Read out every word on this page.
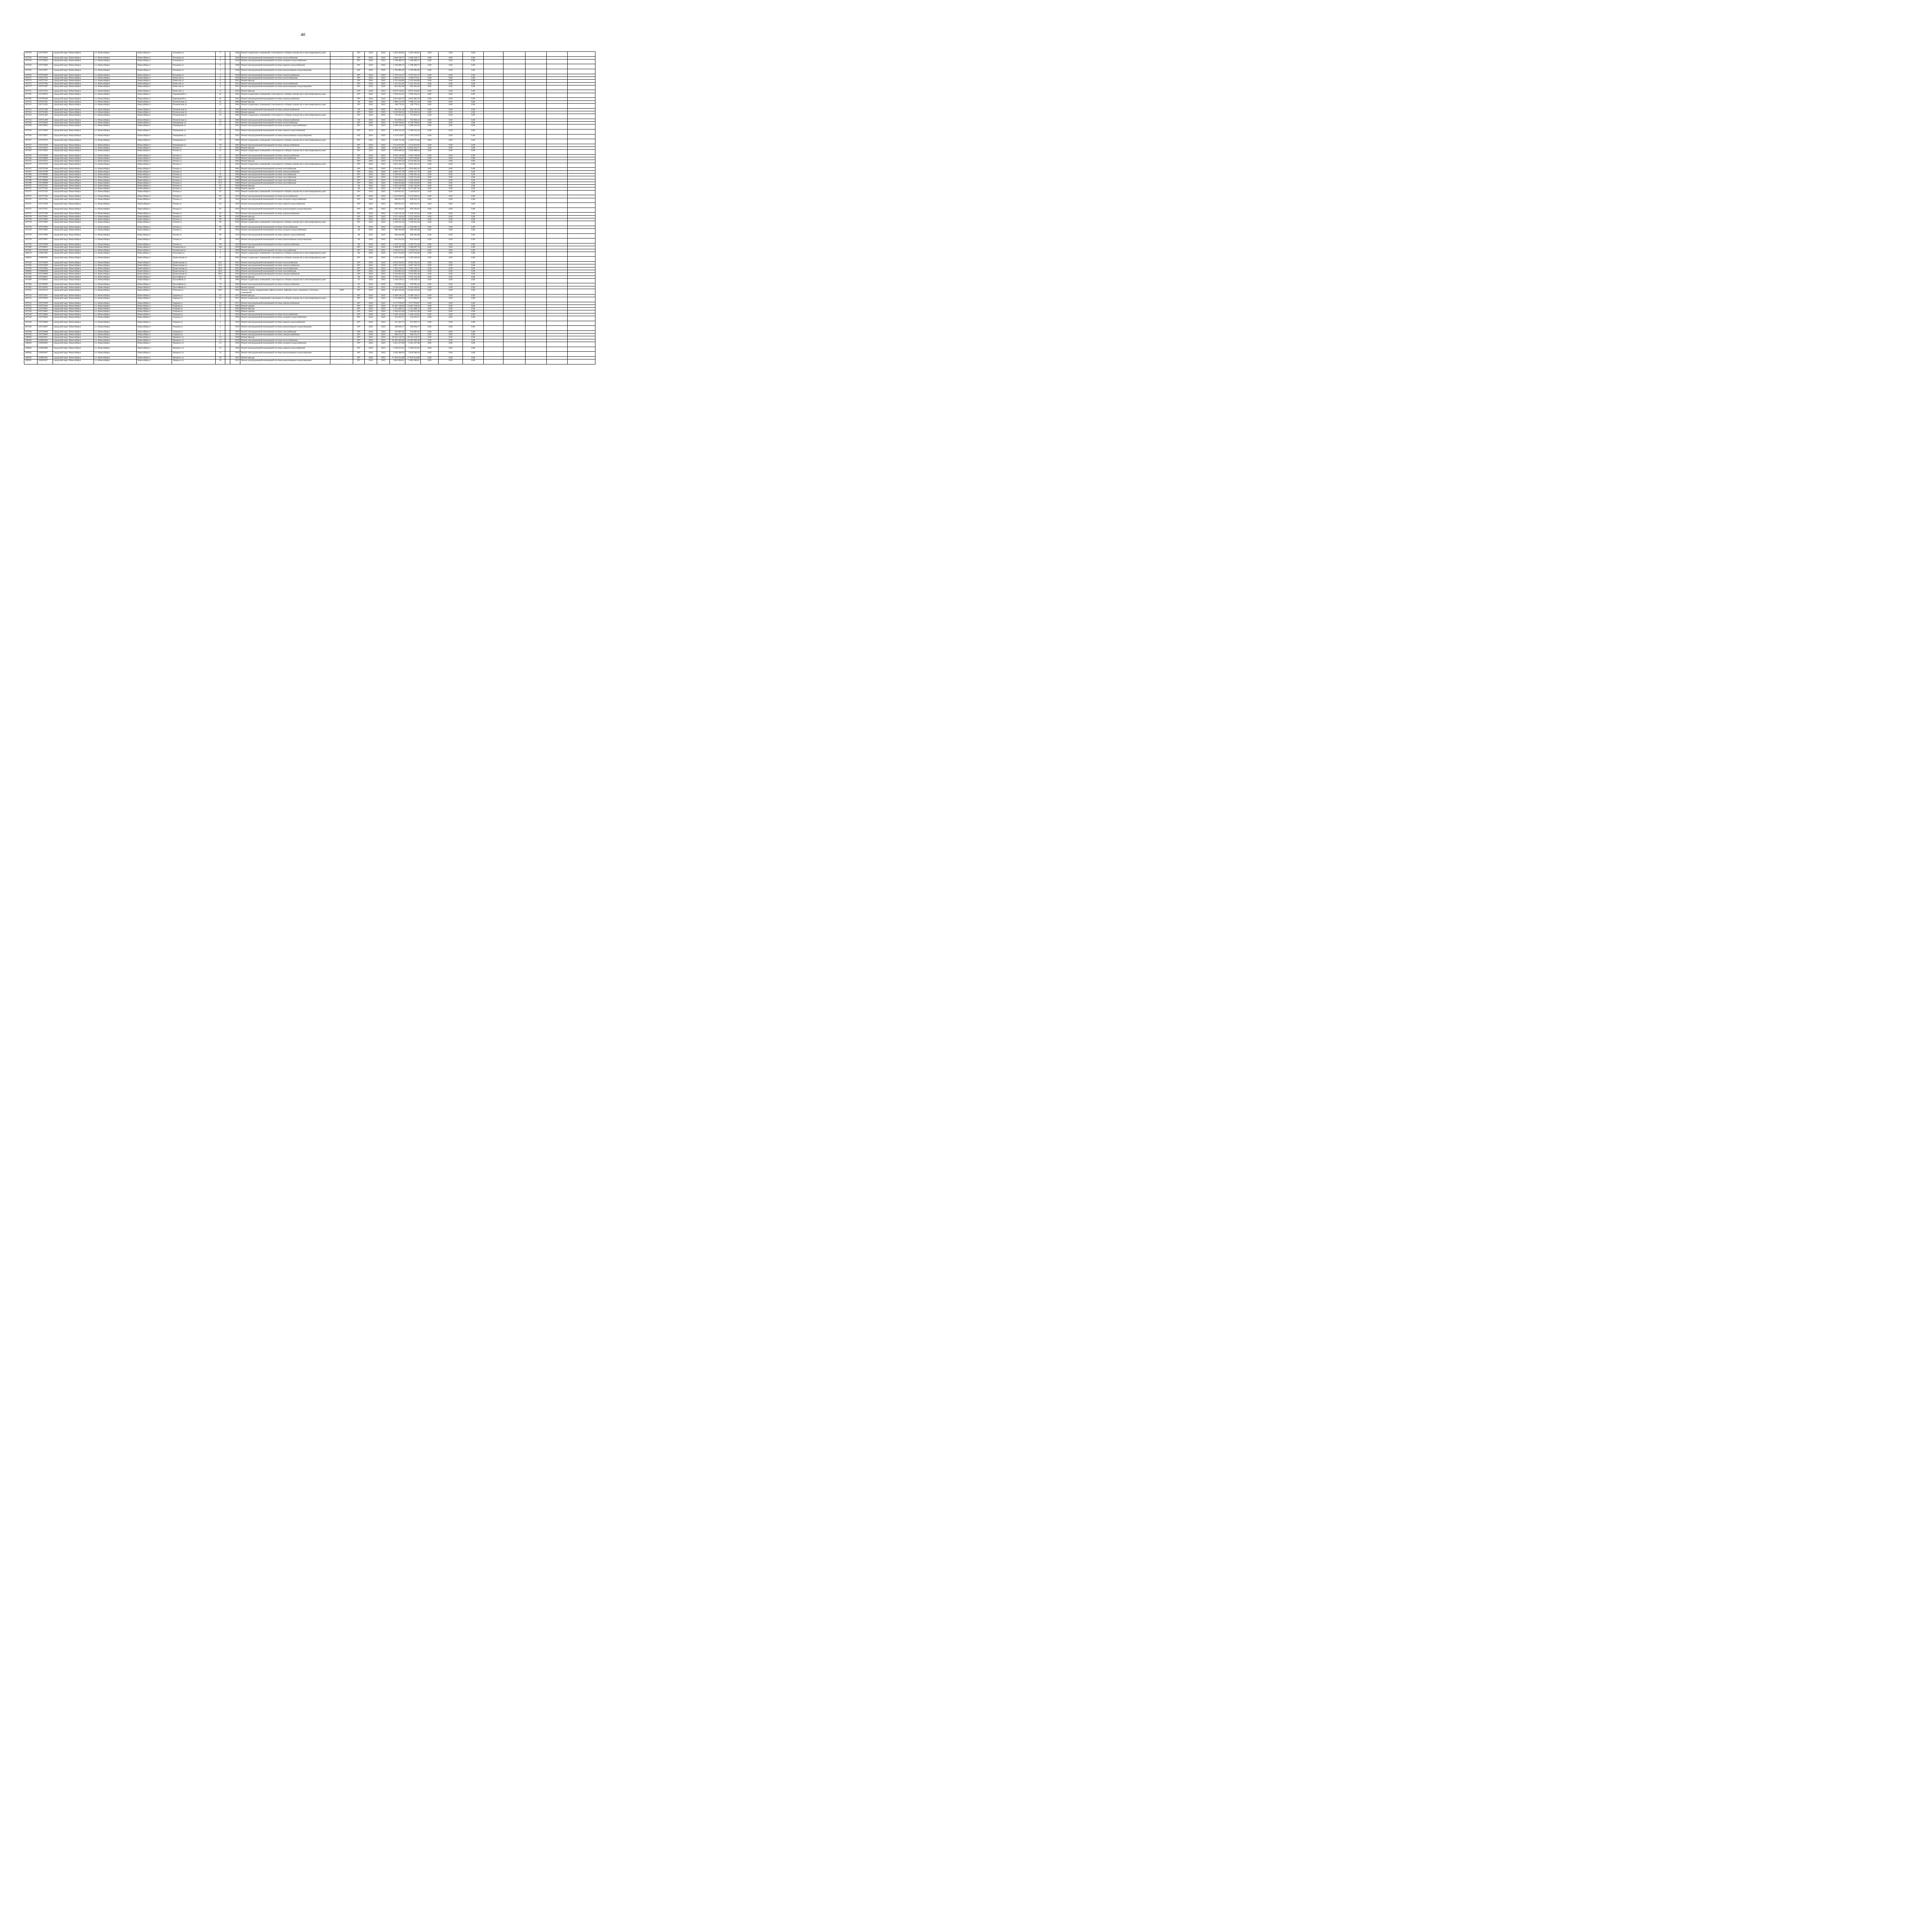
40
107250	110725003	городской округ Новосибирск	г.о. Новосибирск	Новосибирск г	Тельмана ул	3		1948	Ремонт подвальных помещений, относящихся к общему имуществу в многоквартирном доме	-	69*	2024	2025	2 401 404,85	2 401 404,85	0,00	0,00	0,00					
107250	110725004	городской округ Новосибирск	г.о. Новосибирск	Новосибирск г	Тельмана ул	3		1948	Ремонт внутридомовой инженерной системы теплоснабжения	-	69*	2024	2025	3 948 258,71	3 948 258,71	0,00	0,00	0,00					
107250	110725005	городской округ Новосибирск	г.о. Новосибирск	Новосибирск г	Тельмана ул	3		1948	Ремонт внутридомовой инженерной системы холодного водоснабжения	-	69*	2024	2025	1 188 486,72	1 188 486,72	0,00	0,00	0,00					
107250	110725006	городской округ Новосибирск	г.о. Новосибирск	Новосибирск г	Тельмана ул	3		1948	Ремонт внутридомовой инженерной системы горячего водоснабжения	-	69*	2024	2025	1 188 486,72	1 188 486,72	0,00	0,00	0,00					
107250	110725007	городской округ Новосибирск	г.о. Новосибирск	Новосибирск г	Тельмана ул	3		1948	Ремонт внутридомовой инженерной системы канализования и водоотведения	-	69*	2024	2025	1 783 985,05	1 783 985,05	0,00	0,00	0,00					
107250	110725009	городской округ Новосибирск	г.о. Новосибирск	Новосибирск г	Тельмана ул	3		1948	Ремонт внутридомовой инженерной системы электроснабжения	-	69*	2024	2025	2 579 311,27	2 579 311,27	0,00	0,00	0,00					
107271	110727104	городской округ Новосибирск	г.о. Новосибирск	Новосибирск г	Тенистая ул	3		1958	Ремонт внутридомовой инженерной системы теплоснабжения	-	69*	2024	2025	2 289 473,21	2 289 473,21	0,00	0,00	0,00					
107273	110727301	городской округ Новосибирск	г.о. Новосибирск	Новосибирск г	Тенистая ул	6		1953	Ремонт фасада	-	69*	2024	2025	2 352 030,80	2 352 030,80	0,00	0,00	0,00					
107273	110727304	городской округ Новосибирск	г.о. Новосибирск	Новосибирск г	Тенистая ул	6		1953	Ремонт внутридомовой инженерной системы теплоснабжения	-	69*	2024	2025	1 331 451,83	1 331 451,83	0,00	0,00	0,00					
107273	110727307	городской округ Новосибирск	г.о. Новосибирск	Новосибирск г	Тенистая ул	6		1953	Ремонт внутридомовой инженерной системы канализования и водоотведения	-	69*	2024	2025	601 604,49	601 604,49	0,00	0,00	0,00					
107275	110727501	городской округ Новосибирск	г.о. Новосибирск	Новосибирск г	Тенистая ул	9		1953	Ремонт фасада	-	69*	2024	2025	8 972 516,81	8 972 516,81	0,00	0,00	0,00					
107305	110730503	городской округ Новосибирск	г.о. Новосибирск	Новосибирск г	Терешковой ул	42		1963	Ремонт подвальных помещений, относящихся к общему имуществу в многоквартирном доме	-	69*	2024	2025	3 596 164,33	3 596 164,33	0,00	0,00	0,00					
107305	110730509	городской округ Новосибирск	г.о. Новосибирск	Новосибирск г	Терешковой ул	42		1963	Ремонт внутридомовой инженерной системы электроснабжения	-	69*	2024	2025	4 635 485,70	4 635 485,70	0,00	0,00	0,00					
107313	110731301	городской округ Новосибирск	г.о. Новосибирск	Новосибирск г	Техническая ул	12		1960	Ремонт фасада	-	60	2024	2025	1 988 515,39	1 988 515,39	0,00	0,00	0,00					
107313	110731303	городской округ Новосибирск	г.о. Новосибирск	Новосибирск г	Техническая ул	12		1960	Ремонт подвальных помещений, относящихся к общему имуществу в многоквартирном доме	-	69*	2024	2025	190 770,32	190 770,32	0,00	0,00	0,00					
107313	110731309	городской округ Новосибирск	г.о. Новосибирск	Новосибирск г	Техническая ул	12		1960	Ремонт внутридомовой инженерной системы электроснабжения	-	60	2024	2025	261 321,16	261 321,16	0,00	0,00	0,00					
107314	110731402	городской округ Новосибирск	г.о. Новосибирск	Новосибирск г	Техническая ул	14		1960	Ремонт крыши	-	69*	2024	2025	3 126 564,54	3 126 564,54	0,00	0,00	0,00					
107314	110731403	городской округ Новосибирск	г.о. Новосибирск	Новосибирск г	Техническая ул	14		1960	Ремонт подвальных помещений, относящихся к общему имуществу в многоквартирном доме	-	69*	2024	2025	713 953,12	713 953,12	0,00	0,00	0,00					
107314	110731409	городской округ Новосибирск	г.о. Новосибирск	Новосибирск г	Техническая ул	14		1960	Ремонт внутридомовой инженерной системы электроснабжения	-	60	2024	2025	352 056,12	352 056,12	0,00	0,00	0,00					
107326	110732604	городской округ Новосибирск	г.о. Новосибирск	Новосибирск г	Тимирязева ул	77		1963	Ремонт внутридомовой инженерной системы теплоснабжения	-	69*	2024	2025	8 740 769,02	8 740 769,02	0,00	0,00	0,00					
107326	110732605	городской округ Новосибирск	г.о. Новосибирск	Новосибирск г	Тимирязева ул	77		1963	Ремонт внутридомовой инженерной системы холодного водоснабжения	-	69*	2024	2025	2 499 543,36	2 499 543,36	0,00	0,00	0,00					
107326	110732606	городской округ Новосибирск	г.о. Новосибирск	Новосибирск г	Тимирязева ул	77		1963	Ремонт внутридомовой инженерной системы горячего водоснабжения	-	69*	2024	2025	2 499 543,36	2 499 543,36	0,00	0,00	0,00					
107326	110732607	городской округ Новосибирск	г.о. Новосибирск	Новосибирск г	Тимирязева ул	77		1963	Ремонт внутридомовой инженерной системы канализования и водоотведения	-	69*	2024	2025	3 110 519,07	3 110 519,07	0,00	0,00	0,00					
107327	110732703	городской округ Новосибирск	г.о. Новосибирск	Новосибирск г	Тимирязева ул	79		1963	Ремонт подвальных помещений, относящихся к общему имуществу в многоквартирном доме	-	69*	2024	2025	2 436 751,66	2 436 751,66	0,00	0,00	0,00					
107327	110732709	городской округ Новосибирск	г.о. Новосибирск	Новосибирск г	Тимирязева ул	79		1963	Ремонт внутридомовой инженерной системы электроснабжения	-	69*	2024	2025	3 514 033,87	3 514 033,87	0,00	0,00	0,00					
107345	110734501	городской округ Новосибирск	г.о. Новосибирск	Новосибирск г	Титова ул	11		1962	Ремонт фасада	-	69*	2024	2025	12 852 924,77	12 852 924,77	0,00	0,00	0,00					
107345	110734503	городской округ Новосибирск	г.о. Новосибирск	Новосибирск г	Титова ул	11		1962	Ремонт подвальных помещений, относящихся к общему имуществу в многоквартирном доме	-	69*	2024	2025	2 820 466,64	2 820 466,64	0,00	0,00	0,00					
107345	110734509	городской округ Новосибирск	г.о. Новосибирск	Новосибирск г	Титова ул	11		1962	Ремонт внутридомовой инженерной системы электроснабжения	-	69*	2024	2025	4 918 136,96	4 918 136,96	0,00	0,00	0,00					
107346	110734608	городской округ Новосибирск	г.о. Новосибирск	Новосибирск г	Титова ул	12		1956	Ремонт внутридомовой инженерной системы газоснабжения	-	69*	2024	2025	1 827 656,81	1 827 656,81	0,00	0,00	0,00					
107337	110733701	городской округ Новосибирск	г.о. Новосибирск	Новосибирск г	Титова ул	2		1962	Ремонт фасада	-	69*	2024	2025	8 276 465,30	8 276 465,30	0,00	0,00	0,00					
107337	110733703	городской округ Новосибирск	г.о. Новосибирск	Новосибирск г	Титова ул	2		1962	Ремонт подвальных помещений, относящихся к общему имуществу в многоквартирном доме	-	69*	2024	2025	2 822 342,19	2 822 342,19	0,00	0,00	0,00					
107337	110733708	городской округ Новосибирск	г.о. Новосибирск	Новосибирск г	Титова ул	2		1962	Ремонт внутридомовой инженерной системы газоснабжения	-	69*	2024	2025	1 814 665,41	1 814 665,41	0,00	0,00	0,00					
107337	110733709	городской округ Новосибирск	г.о. Новосибирск	Новосибирск г	Титова ул	2		1962	Ремонт внутридомовой инженерной системы электроснабжения	-	69*	2024	2025	4 983 157,78	4 983 157,78	0,00	0,00	0,00					
107360	110736008	городской округ Новосибирск	г.о. Новосибирск	Новосибирск г	Титова ул	35		1968	Ремонт внутридомовой инженерной системы газоснабжения	-	69*	2024	2025	1 590 265,42	1 590 265,42	0,00	0,00	0,00					
107396	110739608	городской округ Новосибирск	г.о. Новосибирск	Новосибирск г	Титова ул	39/1		1968	Ремонт внутридомовой инженерной системы газоснабжения	-	69*	2024	2025	1 626 515,04	1 626 515,04	0,00	0,00	0,00					
107398	110739808	городской округ Новосибирск	г.о. Новосибирск	Новосибирск г	Титова ул	43/1		1968	Ремонт внутридомовой инженерной системы газоснабжения	-	69*	2024	2025	1 620 059,62	1 620 059,62	0,00	0,00	0,00					
107399	110739908	городской округ Новосибирск	г.о. Новосибирск	Новосибирск г	Титова ул	47/1		1968	Ремонт внутридомовой инженерной системы газоснабжения	-	69*	2024	2025	1 646 924,06	1 646 924,06	0,00	0,00	0,00					
107375	110737501	городской округ Новосибирск	г.о. Новосибирск	Новосибирск г	Титова ул	93		1959	Ремонт фасада	-	60	2024	2025	2 365 245,00	2 365 245,00	0,00	0,00	0,00					
107375	110737502	городской округ Новосибирск	г.о. Новосибирск	Новосибирск г	Титова ул	93		1959	Ремонт крыши	-	60	2024	2025	6 271 687,18	6 271 687,18	0,00	0,00	0,00					
107375	110737503	городской округ Новосибирск	г.о. Новосибирск	Новосибирск г	Титова ул	93		1959	Ремонт подвальных помещений, относящихся к общему имуществу в многоквартирном доме	-	69*	2024	2025	1 426 823,67	1 426 823,67	0,00	0,00	0,00					
107375	110737504	городской округ Новосибирск	г.о. Новосибирск	Новосибирск г	Титова ул	93		1959	Ремонт внутридомовой инженерной системы теплоснабжения	-	69*	2024	2025	2 222 656,16	2 222 656,16	0,00	0,00	0,00					
107375	110737505	городской округ Новосибирск	г.о. Новосибирск	Новосибирск г	Титова ул	93		1959	Ремонт внутридомовой инженерной системы холодного водоснабжения	-	69*	2024	2025	669 053,76	669 053,76	0,00	0,00	0,00					
107375	110737506	городской округ Новосибирск	г.о. Новосибирск	Новосибирск г	Титова ул	93		1959	Ремонт внутридомовой инженерной системы горячего водоснабжения	-	69*	2024	2025	669 053,76	669 053,76	0,00	0,00	0,00					
107375	110737507	городской округ Новосибирск	г.о. Новосибирск	Новосибирск г	Титова ул	93		1959	Ремонт внутридомовой инженерной системы канализования и водоотведения	-	69*	2024	2025	832 593,87	832 593,87	0,00	0,00	0,00					
107375	110737509	городской округ Новосибирск	г.о. Новосибирск	Новосибирск г	Титова ул	93		1959	Ремонт внутридомовой инженерной системы электроснабжения	-	69*	2024	2025	1 236 145,56	1 236 145,56	0,00	0,00	0,00					
107378	110737801	городской округ Новосибирск	г.о. Новосибирск	Новосибирск г	Титова ул	99		1959	Ремонт фасада	-	69*	2024	2025	2 551 310,94	2 551 310,94	0,00	0,00	0,00					
107378	110737802	городской округ Новосибирск	г.о. Новосибирск	Новосибирск г	Титова ул	99		1959	Ремонт крыши	-	69*	2024	2025	6 805 827,46	6 805 827,46	0,00	0,00	0,00					
107378	110737803	городской округ Новосибирск	г.о. Новосибирск	Новосибирск г	Титова ул	99		1959	Ремонт подвальных помещений, относящихся к общему имуществу в многоквартирном доме	-	69*	2024	2025	1 548 341,84	1 548 341,84	0,00	0,00	0,00					
107378	110737804	городской округ Новосибирск	г.о. Новосибирск	Новосибирск г	Титова ул	99		1959	Ремонт внутридомовой инженерной системы теплоснабжения	-	60	2024	2025	2 220 095,23	2 220 095,23	0,00	0,00	0,00					
107378	110737805	городской округ Новосибирск	г.о. Новосибирск	Новосибирск г	Титова ул	99		1959	Ремонт внутридомовой инженерной системы холодного водоснабжения	-	60	2024	2025	668 282,88	668 282,88	0,00	0,00	0,00					
107378	110737806	городской округ Новосибирск	г.о. Новосибирск	Новосибирск г	Титова ул	99		1959	Ремонт внутридомовой инженерной системы горячего водоснабжения	-	60	2024	2025	668 282,88	668 282,88	0,00	0,00	0,00					
107378	110737807	городской округ Новосибирск	г.о. Новосибирск	Новосибирск г	Титова ул	99		1959	Ремонт внутридомовой инженерной системы канализования и водоотведения	-	60	2024	2025	831 634,56	831 634,56	0,00	0,00	0,00					
107378	110737809	городской округ Новосибирск	г.о. Новосибирск	Новосибирск г	Титова ул	99		1959	Ремонт внутридомовой инженерной системы электроснабжения	-	60	2024	2025	1 234 721,28	1 234 721,28	0,00	0,00	0,00					
107409	110740901	городской округ Новосибирск	г.о. Новосибирск	Новосибирск г	Тихвинская ул	10а		1959	Ремонт фасада	-	69*	2024	2025	3 360 697,70	3 360 697,70	0,00	0,00	0,00					
107401	110740108	городской округ Новосибирск	г.о. Новосибирск	Новосибирск г	Тихвинская ул	4		1968	Ремонт внутридомовой инженерной системы газоснабжения	-	69*	2024	2025	1 639 674,14	1 639 674,14	0,00	0,00	0,00					
108519	110851903	городской округ Новосибирск	г.о. Новосибирск	Новосибирск г	Тополевая ул	4		1941	Ремонт подвальных помещений, относящихся к общему имуществу в многоквартирном доме	-	69	2024	2025	2 627 932,06	2 627 932,06	0,00	0,00	0,00					
108059	110805903	городской округ Новосибирск	г.о. Новосибирск	Новосибирск г	Трикотажная ул	41		1950	Ремонт подвальных помещений, относящихся к общему имуществу в многоквартирном доме	-	69*	2024	2025	3 329 246,20	3 329 246,20	0,00	0,00	0,00					
107436	110743604	городской округ Новосибирск	г.о. Новосибирск	Новосибирск г	Трикотажная ул	54/1		1962	Ремонт внутридомовой инженерной системы теплоснабжения	-	69*	2024	2025	8 924 593,03	8 924 593,03	0,00	0,00	0,00					
107436	110743609	городской округ Новосибирск	г.о. Новосибирск	Новосибирск г	Трикотажная ул	54/1		1962	Ремонт внутридомовой инженерной системы электроснабжения	-	69*	2024	2025	4 967 345,59	4 967 345,59	0,00	0,00	0,00					
107439	110743904	городской округ Новосибирск	г.о. Новосибирск	Новосибирск г	Трикотажная ул	60/1		1962	Ремонт внутридомовой инженерной системы теплоснабжения	-	69*	2024	2025	7 922 518,15	7 922 518,15	0,00	0,00	0,00					
108066	110806608	городской округ Новосибирск	г.о. Новосибирск	Новосибирск г	Трикотажная ул	60/2		1962	Ремонт внутридомовой инженерной системы газоснабжения	-	69*	2024	2025	1 584 803,16	1 584 803,16	0,00	0,00	0,00					
107440	110744009	городской округ Новосибирск	г.о. Новосибирск	Новосибирск г	Трикотажная ул	60/3		1964	Ремонт внутридомовой инженерной системы электроснабжения	-	69*	2024	2025	5 633 093,40	5 633 093,40	0,00	0,00	0,00					
107460	110746001	городской округ Новосибирск	г.о. Новосибирск	Новосибирск г	Троллейная ул	73		1960	Ремонт фасада	-	60	2024	2025	2 703 125,29	2 703 125,29	0,00	0,00	0,00					
107460	110746003	городской округ Новосибирск	г.о. Новосибирск	Новосибирск г	Троллейная ул	73		1960	Ремонт подвальных помещений, относящихся к общему имуществу в многоквартирном доме	-	62	2024	2025	1 239 539,53	1 239 539,53	0,00	0,00	0,00					
107460	110746009	городской округ Новосибирск	г.о. Новосибирск	Новосибирск г	Троллейная ул	73		1960	Ремонт внутридомовой инженерной системы электроснабжения	-	65	2024	2025	359 695,44	359 695,44	0,00	0,00	0,00					
107462	110746202	городской округ Новосибирск	г.о. Новосибирск	Новосибирск г	Троллейная ул	79		1953	Ремонт крыши	-	65	2024	2025	9 194 426,65	9 194 426,65	0,00	0,00	0,00					
107501	110750110	городской округ Новосибирск	г.о. Новосибирск	Новосибирск г	Тульская ул	90/1		1993	Ремонт, замена, модернизация лифтов, ремонт лифтовых шахт, машинных и блочных помещений	1996	36*	2024	2025	14 464 242,84	14 464 242,84	0,00	0,00	0,00					
107532	110753201	городской округ Новосибирск	г.о. Новосибирск	Новосибирск г	Ударная ул	23		1971	Ремонт фасада	-	69*	2024	2025	6 490 130,31	6 490 130,31	0,00	0,00	0,00					
107532	110753203	городской округ Новосибирск	г.о. Новосибирск	Новосибирск г	Ударная ул	23		1971	Ремонт подвальных помещений, относящихся к общему имуществу в многоквартирном доме	-	69*	2024	2025	5 213 660,91	5 213 660,91	0,00	0,00	0,00					
107532	110753209	городской округ Новосибирск	г.о. Новосибирск	Новосибирск г	Ударная ул	23		1971	Ремонт внутридомовой инженерной системы электроснабжения	-	69*	2024	2025	3 577 978,87	3 577 978,87	0,00	0,00	0,00					
107555	110755502	городской округ Новосибирск	г.о. Новосибирск	Новосибирск г	Узорная ул	13		1963	Ремонт крыши	-	69*	2024	2025	12 467 238,56	12 467 238,56	0,00	0,00	0,00					
107546	110754601	городской округ Новосибирск	г.о. Новосибирск	Новосибирск г	Узорная ул	2		1959	Ремонт фасада	-	69*	2024	2025	1 551 600,72	1 551 600,72	0,00	0,00	0,00					
107546	110754602	городской округ Новосибирск	г.о. Новосибирск	Новосибирск г	Узорная ул	2		1959	Ремонт крыши	-	69*	2024	2025	5 362 815,98	5 362 815,98	0,00	0,00	0,00					
107546	110754604	городской округ Новосибирск	г.о. Новосибирск	Новосибирск г	Узорная ул	2		1959	Ремонт внутридомовой инженерной системы теплоснабжения	-	69*	2024	2025	1 166 132,03	1 166 132,03	0,00	0,00	0,00					
107546	110754605	городской округ Новосибирск	г.о. Новосибирск	Новосибирск г	Узорная ул	2		1959	Ремонт внутридомовой инженерной системы холодного водоснабжения	-	69*	2024	2025	351 023,71	351 023,71	0,00	0,00	0,00					
107546	110754606	городской округ Новосибирск	г.о. Новосибирск	Новосибирск г	Узорная ул	2		1959	Ремонт внутридомовой инженерной системы горячего водоснабжения	-	69*	2024	2025	351 023,71	351 023,71	0,00	0,00	0,00					
107546	110754607	городской округ Новосибирск	г.о. Новосибирск	Новосибирск г	Узорная ул	2		1959	Ремонт внутридомовой инженерной системы канализования и водоотведения	-	69*	2024	2025	436 826,17	436 826,17	0,00	0,00	0,00					
107546	110754608	городской округ Новосибирск	г.о. Новосибирск	Новосибирск г	Узорная ул	2		1959	Ремонт внутридомовой инженерной системы газоснабжения	-	69*	2024	2025	323 087,92	323 087,92	0,00	0,00	0,00					
107546	110754609	городской округ Новосибирск	г.о. Новосибирск	Новосибирск г	Узорная ул	2		1959	Ремонт внутридомовой инженерной системы электроснабжения	-	69*	2024	2025	648 552,37	648 552,37	0,00	0,00	0,00					
108584	110858401	городской округ Новосибирск	г.о. Новосибирск	Новосибирск г	Урицкого ул	13		1958	Ремонт фасада	-	69*	2024	2025	19 542 518,70	19 542 518,70	0,00	0,00	0,00					
108584	110858404	городской округ Новосибирск	г.о. Новосибирск	Новосибирск г	Урицкого ул	13		1958	Ремонт внутридомовой инженерной системы теплоснабжения	-	69*	2024	2025	10 285 665,09	10 285 665,09	0,00	0,00	0,00					
108584	110858405	городской округ Новосибирск	г.о. Новосибирск	Новосибирск г	Урицкого ул	13		1958	Ремонт внутридомовой инженерной системы холодного водоснабжения	-	69*	2024	2025	2 941 327,68	2 941 327,68	0,00	0,00	0,00					
108584	110858406	городской округ Новосибирск	г.о. Новосибирск	Новосибирск г	Урицкого ул	13		1958	Ремонт внутридомовой инженерной системы горячего водоснабжения	-	69*	2024	2025	5 589 655,81	5 589 655,81	0,00	0,00	0,00					
108584	110858407	городской округ Новосибирск	г.о. Новосибирск	Новосибирск г	Урицкого ул	13		1958	Ремонт внутридомовой инженерной системы канализования и водоотведения	-	69*	2024	2025	2 656 386,56	2 656 386,56	0,00	0,00	0,00					
108592	110859201	городской округ Новосибирск	г.о. Новосибирск	Новосибирск г	Урицкого ул	36		1935	Ремонт фасада	-	69*	2024	2025	17 024 614,88	17 024 614,88	0,00	0,00	0,00					
108592	110859207	городской округ Новосибирск	г.о. Новосибирск	Новосибирск г	Урицкого ул	36		1935	Ремонт внутридомовой инженерной системы канализования и водоотведения	-	69*	2024	2025	3 082 966,61	3 082 966,61	0,00	0,00	0,00					
